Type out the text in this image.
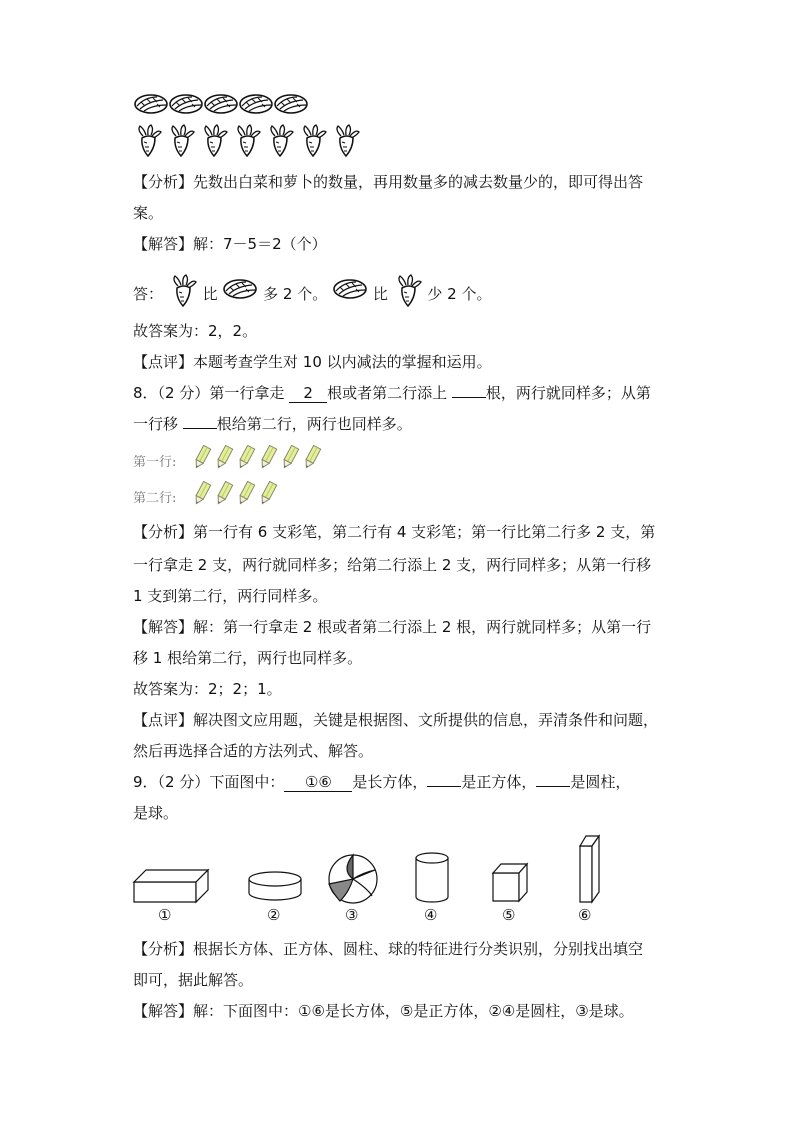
【分析】先数出白菜和萝卜的数量，再用数量多的减去数量少的，即可得出答
案。
【解答】解：7－5＝2（个）
答：	比	多 2 个。	比	少 2 个。
故答案为：2，2。
【点评】本题考查学生对 10 以内减法的掌握和运用。
8．（2 分）第一行拿走 2 根或者第二行添上 根，两行就同样多；从第
一行移 根给第二行，两行也同样多。
第一行:
第二行:
【分析】第一行有 6 支彩笔，第二行有 4 支彩笔；第一行比第二行多 2 支，第
一行拿走 2 支，两行就同样多；给第二行添上 2 支，两行同样多；从第一行移
1 支到第二行，两行同样多。
【解答】解：第一行拿走 2 根或者第二行添上 2 根，两行就同样多；从第一行
移 1 根给第二行，两行也同样多。
故答案为：2；2；1。
【点评】解决图文应用题，关键是根据图、文所提供的信息，弄清条件和问题，
然后再选择合适的方法列式、解答。
9．（2 分）下面图中： ①⑥ 是长方体， 是正方体， 是圆柱，
是球。
①	②	③	④	⑤	⑥
【分析】根据长方体、正方体、圆柱、球的特征进行分类识别，分别找出填空
即可，据此解答。
【解答】解：下面图中：①⑥是长方体，⑤是正方体，②④是圆柱，③是球。
